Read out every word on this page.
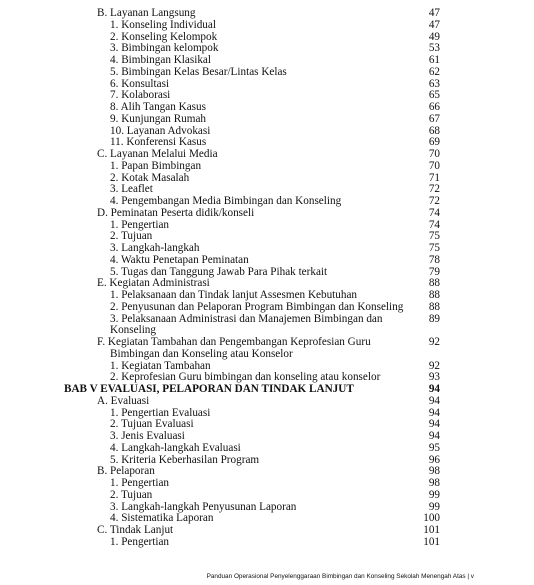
B. Layanan Langsung	47
1. Konseling Individual	47
2. Konseling Kelompok	49
3. Bimbingan kelompok	53
4. Bimbingan Klasikal	61
5. Bimbingan Kelas Besar/Lintas Kelas	62
6. Konsultasi	63
7. Kolaborasi	65
8. Alih Tangan Kasus	66
9. Kunjungan Rumah	67
10. Layanan Advokasi	68
11. Konferensi Kasus	69
C. Layanan Melalui Media	70
1. Papan Bimbingan	70
2. Kotak Masalah	71
3. Leaflet	72
4. Pengembangan Media Bimbingan dan Konseling	72
D. Peminatan Peserta didik/konseli	74
1. Pengertian	74
2. Tujuan	75
3. Langkah-langkah	75
4. Waktu Penetapan Peminatan	78
5. Tugas dan Tanggung Jawab Para Pihak terkait	79
E. Kegiatan Administrasi	88
1. Pelaksanaan dan Tindak lanjut Assesmen Kebutuhan	88
2. Penyusunan dan Pelaporan Program Bimbingan dan Konseling 88
3. Pelaksanaan Administrasi dan Manajemen Bimbingan dan	89
Konseling
F. Kegiatan Tambahan dan Pengembangan Keprofesian Guru	92
Bimbingan dan Konseling atau Konselor
1. Kegiatan Tambahan	92
2. Keprofesian Guru bimbingan dan konseling atau konselor	93
BAB V EVALUASI, PELAPORAN DAN TINDAK LANJUT	94
A. Evaluasi	94
1. Pengertian Evaluasi	94
2. Tujuan Evaluasi	94
3. Jenis Evaluasi	94
4. Langkah-langkah Evaluasi	95
5. Kriteria Keberhasilan Program	96
B. Pelaporan	98
1. Pengertian	98
2. Tujuan	99
3. Langkah-langkah Penyusunan Laporan	99
4. Sistematika Laporan	100
C. Tindak Lanjut	101
1. Pengertian	101
Panduan Operasional Penyelenggaraan Bimbingan dan Konseling Sekolah Menengah Atas | v
